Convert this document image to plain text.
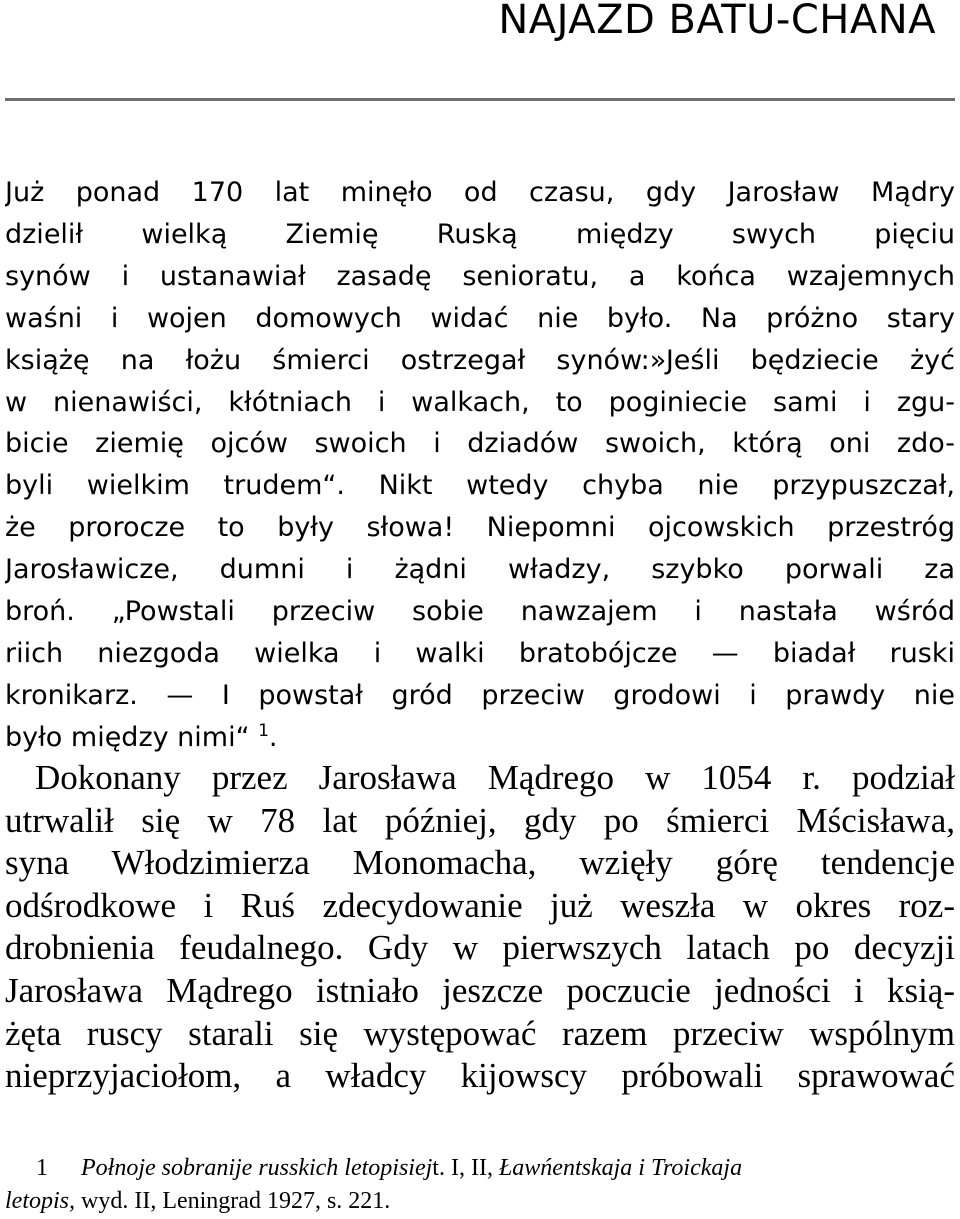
NAJAZD BATU-CHANA
Już ponad 170 lat minęło od czasu, gdy Jarosław Mądry
dzielił wielką Ziemię Ruską między swych pięciu
synów i ustanawiał zasadę senioratu, a końca wzajemnych
waśni i wojen domowych widać nie było. Na próżno stary
książę na łożu śmierci ostrzegał synów:»Jeśli będziecie żyć
w nienawiści, kłótniach i walkach, to poginiecie sami i zgu-
bicie ziemię ojców swoich i dziadów swoich, którą oni zdo-
byli wielkim trudem“. Nikt wtedy chyba nie przypuszczał,
że prorocze to były słowa! Niepomni ojcowskich przestróg
Jarosławicze, dumni i żądni władzy, szybko porwali za
broń. „Powstali przeciw sobie nawzajem i nastała wśród
riich niezgoda wielka i walki bratobójcze — biadał ruski
kronikarz. — I powstał gród przeciw grodowi i prawdy nie
było między nimi“ $^1$.
Dokonany przez Jarosława Mądrego w 1054 r. podział
utrwalił się w 78 lat później, gdy po śmierci Mścisława,
syna Włodzimierza Monomacha, wzięły górę tendencje
odśrodkowe i Ruś zdecydowanie już weszła w okres roz-
drobnienia feudalnego. Gdy w pierwszych latach po decyzji
Jarosława Mądrego istniało jeszcze poczucie jedności i ksią-
żęta ruscy starali się występować razem przeciw wspólnym
nieprzyjaciołom, a władcy kijowscy próbowali sprawować
1 Połnoje sobranije russkich letopisiejt. I, II, Ławńentskaja i Troickaja
letopis, wyd. II, Leningrad 1927, s. 221.
